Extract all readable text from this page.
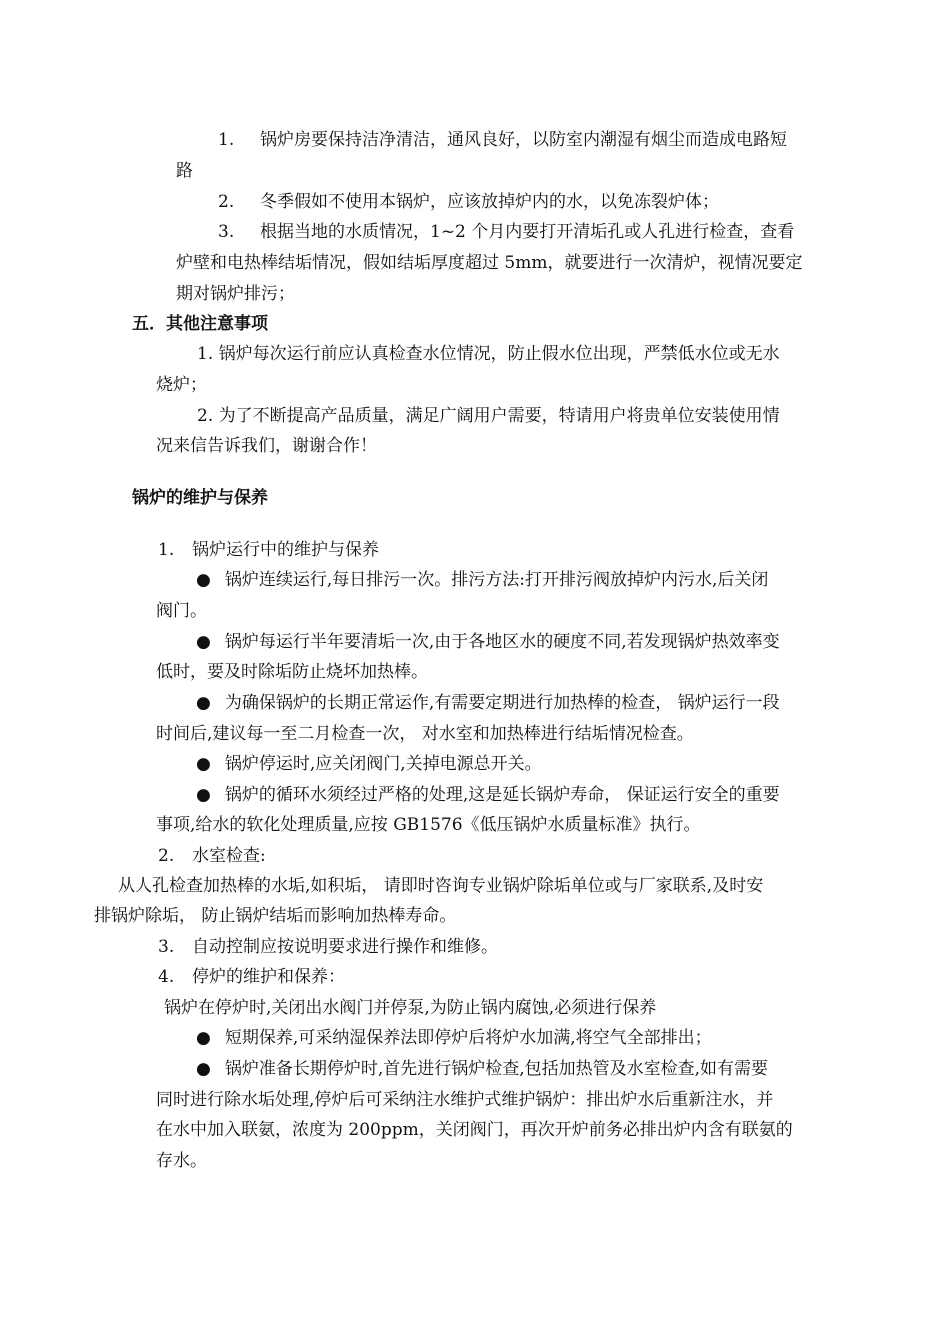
1. 锅炉房要保持洁净清洁，通风良好，以防室内潮湿有烟尘而造成电路短
路
2. 冬季假如不使用本锅炉，应该放掉炉内的水，以免冻裂炉体；
3. 根据当地的水质情况，1~2 个月内要打开清垢孔或人孔进行检查，查看
炉壁和电热棒结垢情况，假如结垢厚度超过 5mm，就要进行一次清炉，视情况要定
期对锅炉排污；
五．其他注意事项
1. 锅炉每次运行前应认真检查水位情况，防止假水位出现，严禁低水位或无水
烧炉；
2. 为了不断提高产品质量，满足广阔用户需要，特请用户将贵单位安装使用情
况来信告诉我们，谢谢合作！
锅炉的维护与保养
1. 锅炉运行中的维护与保养
● 锅炉连续运行,每日排污一次。排污方法:打开排污阀放掉炉内污水,后关闭
阀门。
● 锅炉每运行半年要清垢一次,由于各地区水的硬度不同,若发现锅炉热效率变
低时，要及时除垢防止烧坏加热棒。
● 为确保锅炉的长期正常运作,有需要定期进行加热棒的检查， 锅炉运行一段
时间后,建议每一至二月检查一次， 对水室和加热棒进行结垢情况检查。
● 锅炉停运时,应关闭阀门,关掉电源总开关。
● 锅炉的循环水须经过严格的处理,这是延长锅炉寿命， 保证运行安全的重要
事项,给水的软化处理质量,应按 GB1576《低压锅炉水质量标准》执行。
2. 水室检查:
从人孔检查加热棒的水垢,如积垢， 请即时咨询专业锅炉除垢单位或与厂家联系,及时安
排锅炉除垢， 防止锅炉结垢而影响加热棒寿命。
3. 自动控制应按说明要求进行操作和维修。
4. 停炉的维护和保养：
锅炉在停炉时,关闭出水阀门并停泵,为防止锅内腐蚀,必须进行保养
● 短期保养,可采纳湿保养法即停炉后将炉水加满,将空气全部排出；
● 锅炉准备长期停炉时,首先进行锅炉检查,包括加热管及水室检查,如有需要
同时进行除水垢处理,停炉后可采纳注水维护式维护锅炉：排出炉水后重新注水，并
在水中加入联氨，浓度为 200ppm，关闭阀门，再次开炉前务必排出炉内含有联氨的
存水。
